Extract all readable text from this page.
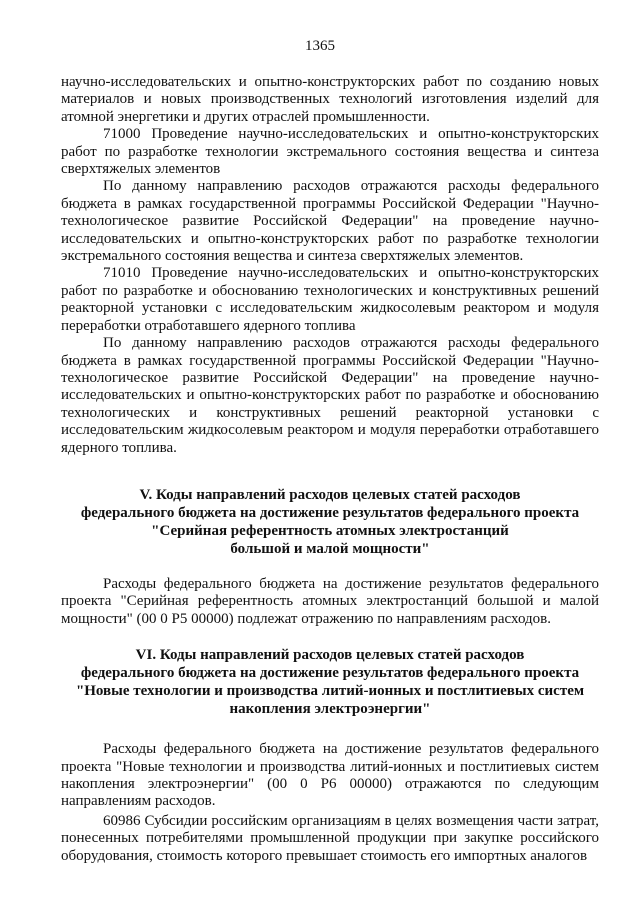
1365

научно-исследовательских и опытно-конструкторских работ по созданию новых материалов и новых производственных технологий изготовления изделий для атомной энергетики и других отраслей промышленности.

71000 Проведение научно-исследовательских и опытно-конструкторских работ по разработке технологии экстремального состояния вещества и синтеза сверхтяжелых элементов

По данному направлению расходов отражаются расходы федерального бюджета в рамках государственной программы Российской Федерации "Научно-технологическое развитие Российской Федерации" на проведение научно-исследовательских и опытно-конструкторских работ по разработке технологии экстремального состояния вещества и синтеза сверхтяжелых элементов.

71010 Проведение научно-исследовательских и опытно-конструкторских работ по разработке и обоснованию технологических и конструктивных решений реакторной установки с исследовательским жидкосолевым реактором и модуля переработки отработавшего ядерного топлива

По данному направлению расходов отражаются расходы федерального бюджета в рамках государственной программы Российской Федерации "Научно-технологическое развитие Российской Федерации" на проведение научно-исследовательских и опытно-конструкторских работ по разработке и обоснованию технологических и конструктивных решений реакторной установки с исследовательским жидкосолевым реактором и модуля переработки отработавшего ядерного топлива.

V. Коды направлений расходов целевых статей расходов
федерального бюджета на достижение результатов федерального проекта
"Серийная референтность атомных электростанций
большой и малой мощности"

Расходы федерального бюджета на достижение результатов федерального проекта "Серийная референтность атомных электростанций большой и малой мощности" (00 0 Р5 00000) подлежат отражению по направлениям расходов.

VI. Коды направлений расходов целевых статей расходов
федерального бюджета на достижение результатов федерального проекта
"Новые технологии и производства литий-ионных и постлитиевых систем
накопления электроэнергии"

Расходы федерального бюджета на достижение результатов федерального проекта "Новые технологии и производства литий-ионных и постлитиевых систем накопления электроэнергии" (00 0 Р6 00000) отражаются по следующим направлениям расходов.

60986 Субсидии российским организациям в целях возмещения части затрат, понесенных потребителями промышленной продукции при закупке российского оборудования, стоимость которого превышает стоимость его импортных аналогов
